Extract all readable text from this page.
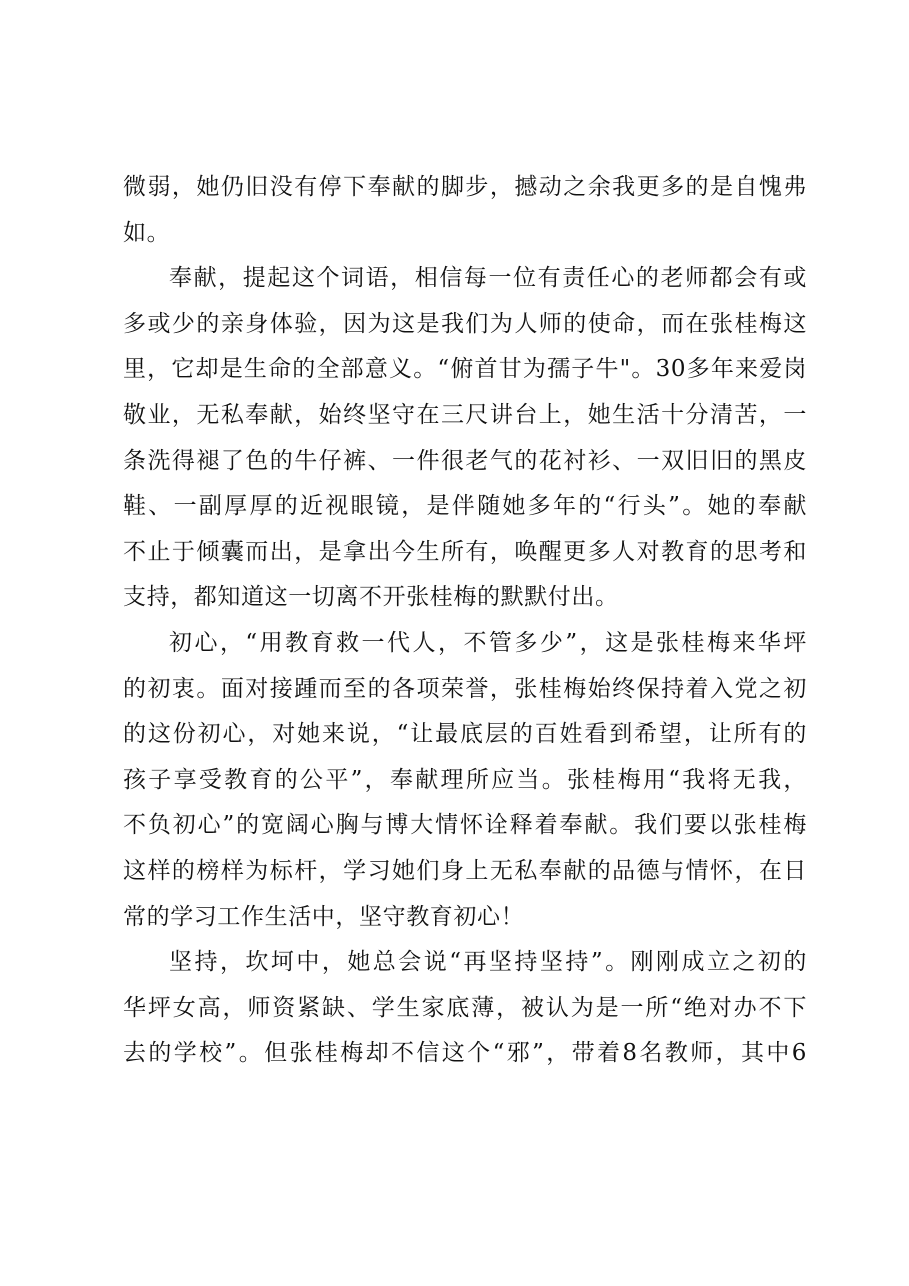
微弱，她仍旧没有停下奉献的脚步，撼动之余我更多的是自愧弗
如。
奉献，提起这个词语，相信每一位有责任心的老师都会有或
多或少的亲身体验，因为这是我们为人师的使命，而在张桂梅这
里，它却是生命的全部意义。“俯首甘为孺子牛"。30多年来爱岗
敬业，无私奉献，始终坚守在三尺讲台上，她生活十分清苦，一
条洗得褪了色的牛仔裤、一件很老气的花衬衫、一双旧旧的黑皮
鞋、一副厚厚的近视眼镜，是伴随她多年的“行头”。她的奉献
不止于倾囊而出，是拿出今生所有，唤醒更多人对教育的思考和
支持，都知道这一切离不开张桂梅的默默付出。
初心，“用教育救一代人，不管多少”，这是张桂梅来华坪
的初衷。面对接踵而至的各项荣誉，张桂梅始终保持着入党之初
的这份初心，对她来说，“让最底层的百姓看到希望，让所有的
孩子享受教育的公平”，奉献理所应当。张桂梅用“我将无我，
不负初心”的宽阔心胸与博大情怀诠释着奉献。我们要以张桂梅
这样的榜样为标杆，学习她们身上无私奉献的品德与情怀，在日
常的学习工作生活中，坚守教育初心！
坚持，坎坷中，她总会说“再坚持坚持”。刚刚成立之初的
华坪女高，师资紧缺、学生家底薄，被认为是一所“绝对办不下
去的学校”。但张桂梅却不信这个“邪”，带着8名教师，其中6
